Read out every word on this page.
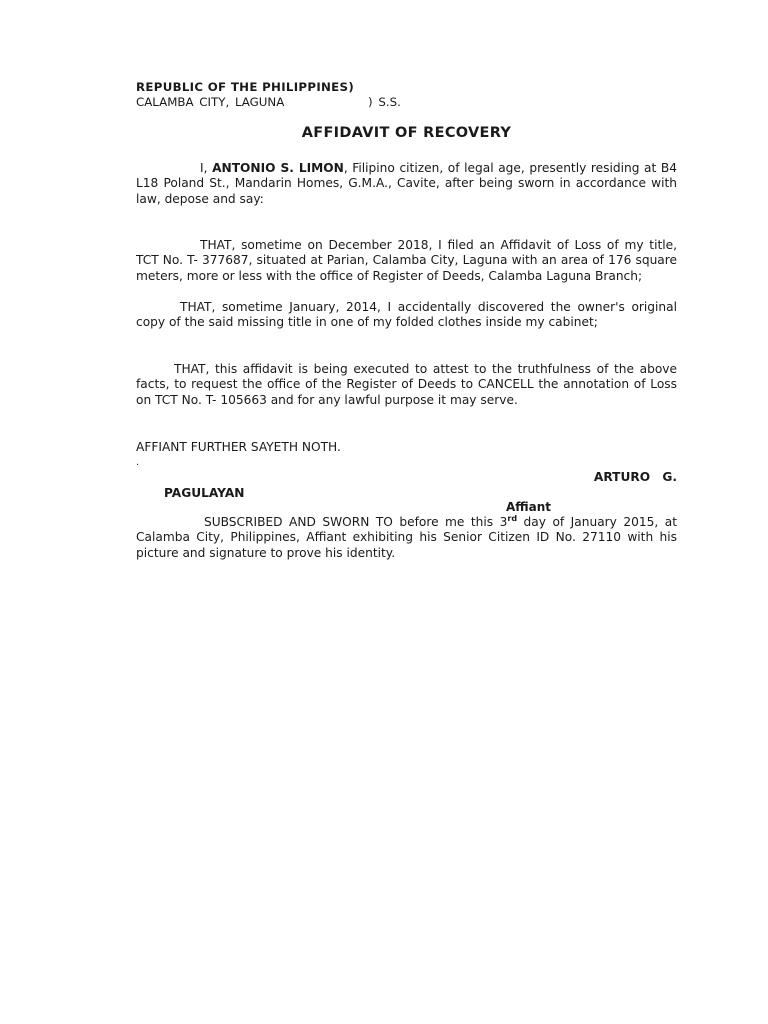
REPUBLIC OF THE PHILIPPINES)
CALAMBA CITY, LAGUNA	) S.S.
AFFIDAVIT OF RECOVERY
I, ANTONIO S. LIMON, Filipino citizen, of legal age, presently residing at B4 L18 Poland St., Mandarin Homes, G.M.A., Cavite, after being sworn in accordance with law, depose and say:
THAT, sometime on December 2018, I filed an Affidavit of Loss of my title, TCT No. T- 377687, situated at Parian, Calamba City, Laguna with an area of 176 square meters, more or less with the office of Register of Deeds, Calamba Laguna Branch;
THAT, sometime January, 2014, I accidentally discovered the owner's original copy of the said missing title in one of my folded clothes inside my cabinet;
THAT, this affidavit is being executed to attest to the truthfulness of the above facts, to request the office of the Register of Deeds to CANCELL the annotation of Loss on TCT No. T- 105663 and for any lawful purpose it may serve.
AFFIANT FURTHER SAYETH NOTH.
.
ARTURO G.
PAGULAYAN
Affiant
SUBSCRIBED AND SWORN TO before me this 3rd day of January 2015, at Calamba City, Philippines, Affiant exhibiting his Senior Citizen ID No. 27110 with his picture and signature to prove his identity.
